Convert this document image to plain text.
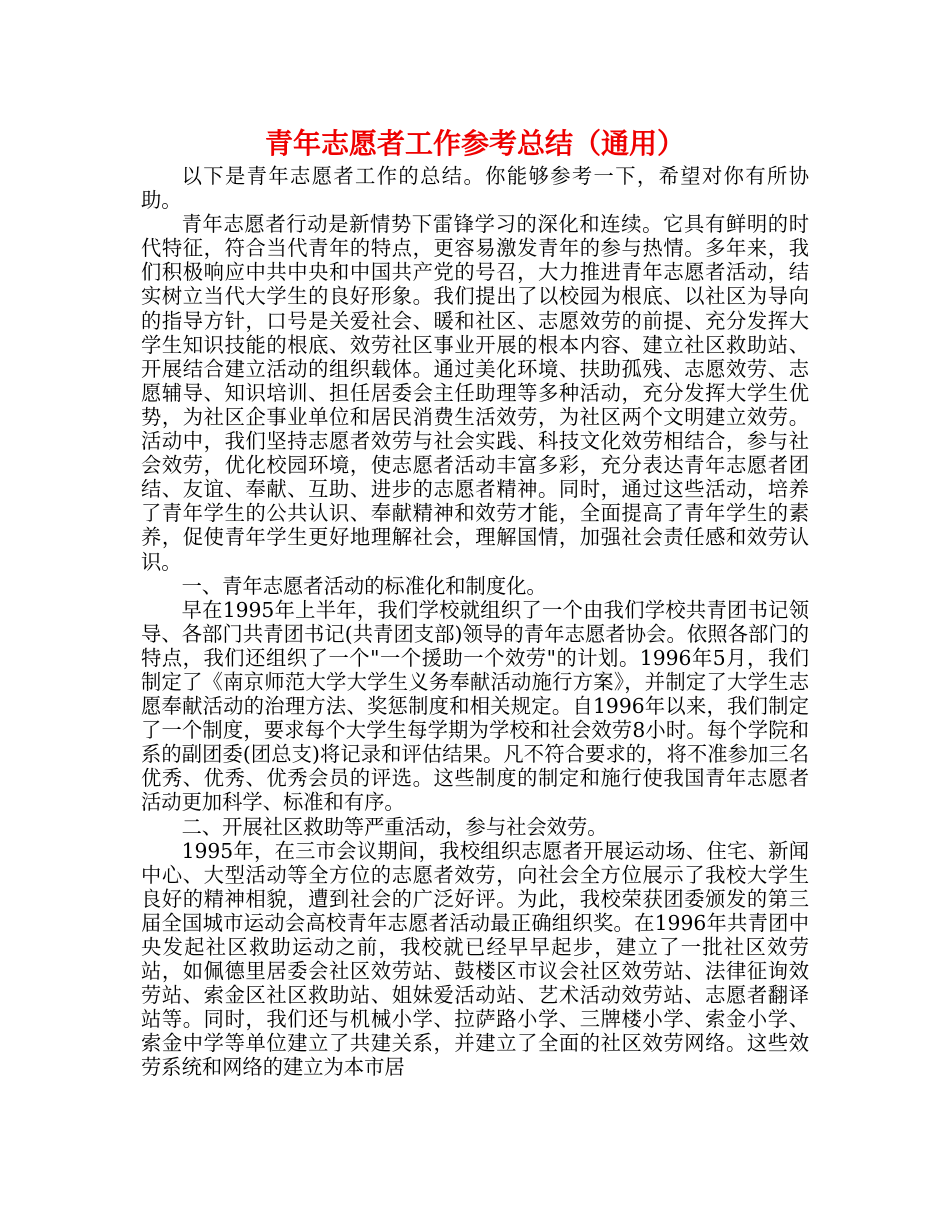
青年志愿者工作参考总结（通用）

以下是青年志愿者工作的总结。你能够参考一下，希望对你有所协助。

青年志愿者行动是新情势下雷锋学习的深化和连续。它具有鲜明的时代特征，符合当代青年的特点，更容易激发青年的参与热情。多年来，我们积极响应中共中央和中国共产党的号召，大力推进青年志愿者活动，结实树立当代大学生的良好形象。我们提出了以校园为根底、以社区为导向的指导方针，口号是关爱社会、暖和社区、志愿效劳的前提、充分发挥大学生知识技能的根底、效劳社区事业开展的根本内容、建立社区救助站、开展结合建立活动的组织载体。通过美化环境、扶助孤残、志愿效劳、志愿辅导、知识培训、担任居委会主任助理等多种活动，充分发挥大学生优势，为社区企事业单位和居民消费生活效劳，为社区两个文明建立效劳。活动中，我们坚持志愿者效劳与社会实践、科技文化效劳相结合，参与社会效劳，优化校园环境，使志愿者活动丰富多彩，充分表达青年志愿者团结、友谊、奉献、互助、进步的志愿者精神。同时，通过这些活动，培养了青年学生的公共认识、奉献精神和效劳才能，全面提高了青年学生的素养，促使青年学生更好地理解社会，理解国情，加强社会责任感和效劳认识。

一、青年志愿者活动的标准化和制度化。

早在1995年上半年，我们学校就组织了一个由我们学校共青团书记领导、各部门共青团书记(共青团支部)领导的青年志愿者协会。依照各部门的特点，我们还组织了一个"一个援助一个效劳"的计划。1996年5月，我们制定了《南京师范大学大学生义务奉献活动施行方案》，并制定了大学生志愿奉献活动的治理方法、奖惩制度和相关规定。自1996年以来，我们制定了一个制度，要求每个大学生每学期为学校和社会效劳8小时。每个学院和系的副团委(团总支)将记录和评估结果。凡不符合要求的，将不准参加三名优秀、优秀、优秀会员的评选。这些制度的制定和施行使我国青年志愿者活动更加科学、标准和有序。

二、开展社区救助等严重活动，参与社会效劳。

1995年，在三市会议期间，我校组织志愿者开展运动场、住宅、新闻中心、大型活动等全方位的志愿者效劳，向社会全方位展示了我校大学生良好的精神相貌，遭到社会的广泛好评。为此，我校荣获团委颁发的第三届全国城市运动会高校青年志愿者活动最正确组织奖。在1996年共青团中央发起社区救助运动之前，我校就已经早早起步，建立了一批社区效劳站，如佩德里居委会社区效劳站、鼓楼区市议会社区效劳站、法律征询效劳站、索金区社区救助站、姐妹爱活动站、艺术活动效劳站、志愿者翻译站等。同时，我们还与机械小学、拉萨路小学、三牌楼小学、索金小学、索金中学等单位建立了共建关系，并建立了全面的社区效劳网络。这些效劳系统和网络的建立为本市居
